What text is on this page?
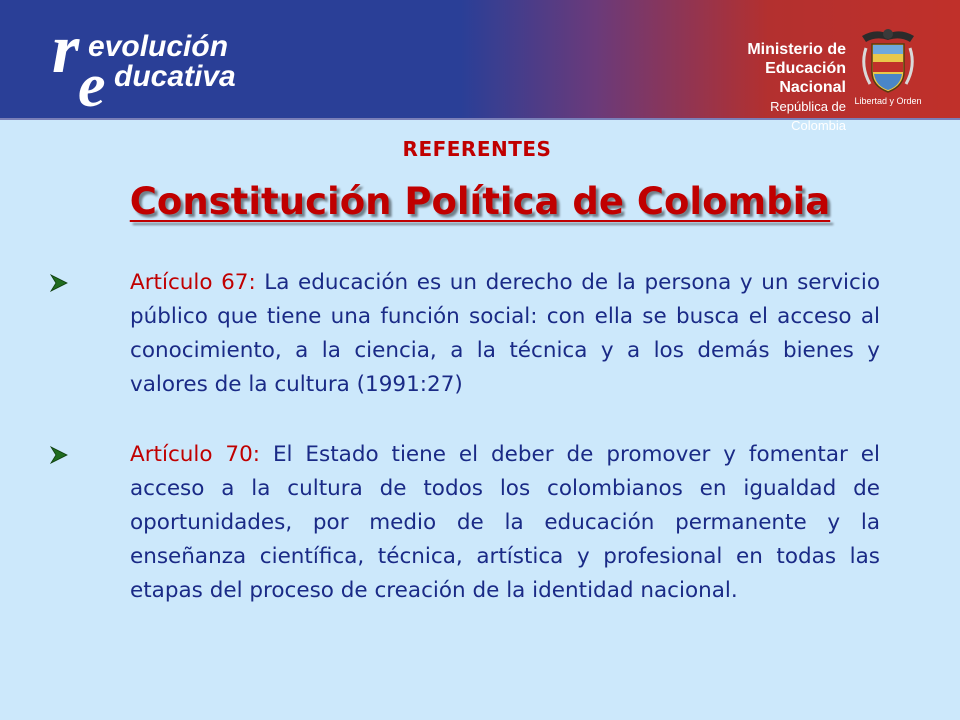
r evolución
e ducativa
Ministerio de
Educación Nacional
República de Colombia
Libertad y Orden
REFERENTES
Constitución Política de Colombia

Artículo 67: La educación es un derecho de la persona y un servicio público que tiene una función social: con ella se busca el acceso al conocimiento, a la ciencia, a la técnica y a los demás bienes y valores de la cultura (1991:27)

Artículo 70: El Estado tiene el deber de promover y fomentar el acceso a la cultura de todos los colombianos en igualdad de oportunidades, por medio de la educación permanente y la enseñanza científica, técnica, artística y profesional en todas las etapas del proceso de creación de la identidad nacional.
